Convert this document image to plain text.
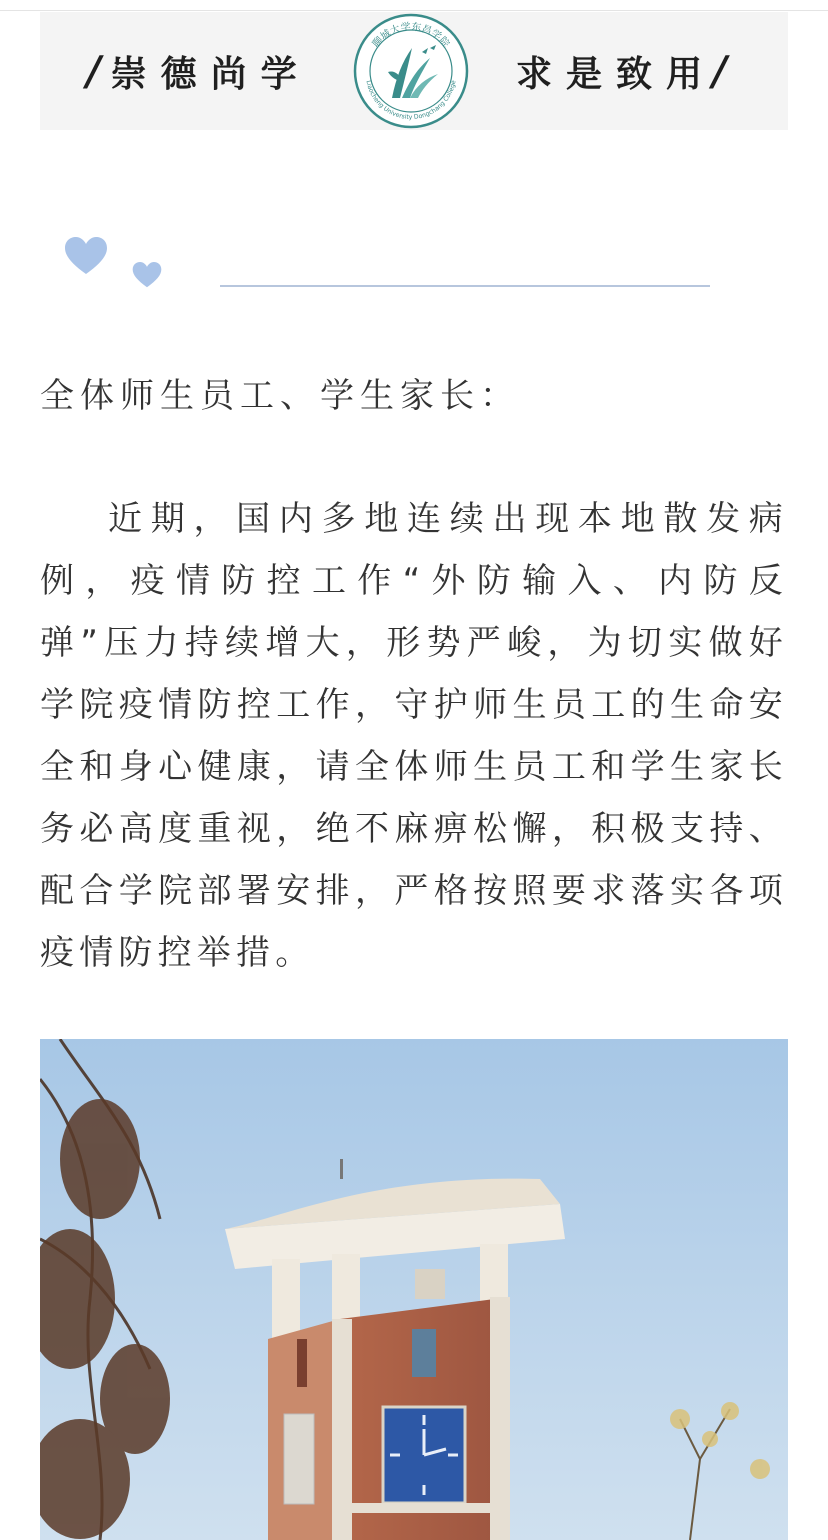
/ 崇德尚学
聊城大学东昌学院
Liaocheng University Dongchang College 求是致用
/
全体师生员工、学生家长：
近期，国内多地连续出现本地散发病例，疫情防控工作“外防输入、内防反弹”压力持续增大，形势严峻，为切实做好学院疫情防控工作，守护师生员工的生命安全和身心健康，请全体师生员工和学生家长务必高度重视，绝不麻痹松懈，积极支持、配合学院部署安排，严格按照要求落实各项疫情防控举措。
